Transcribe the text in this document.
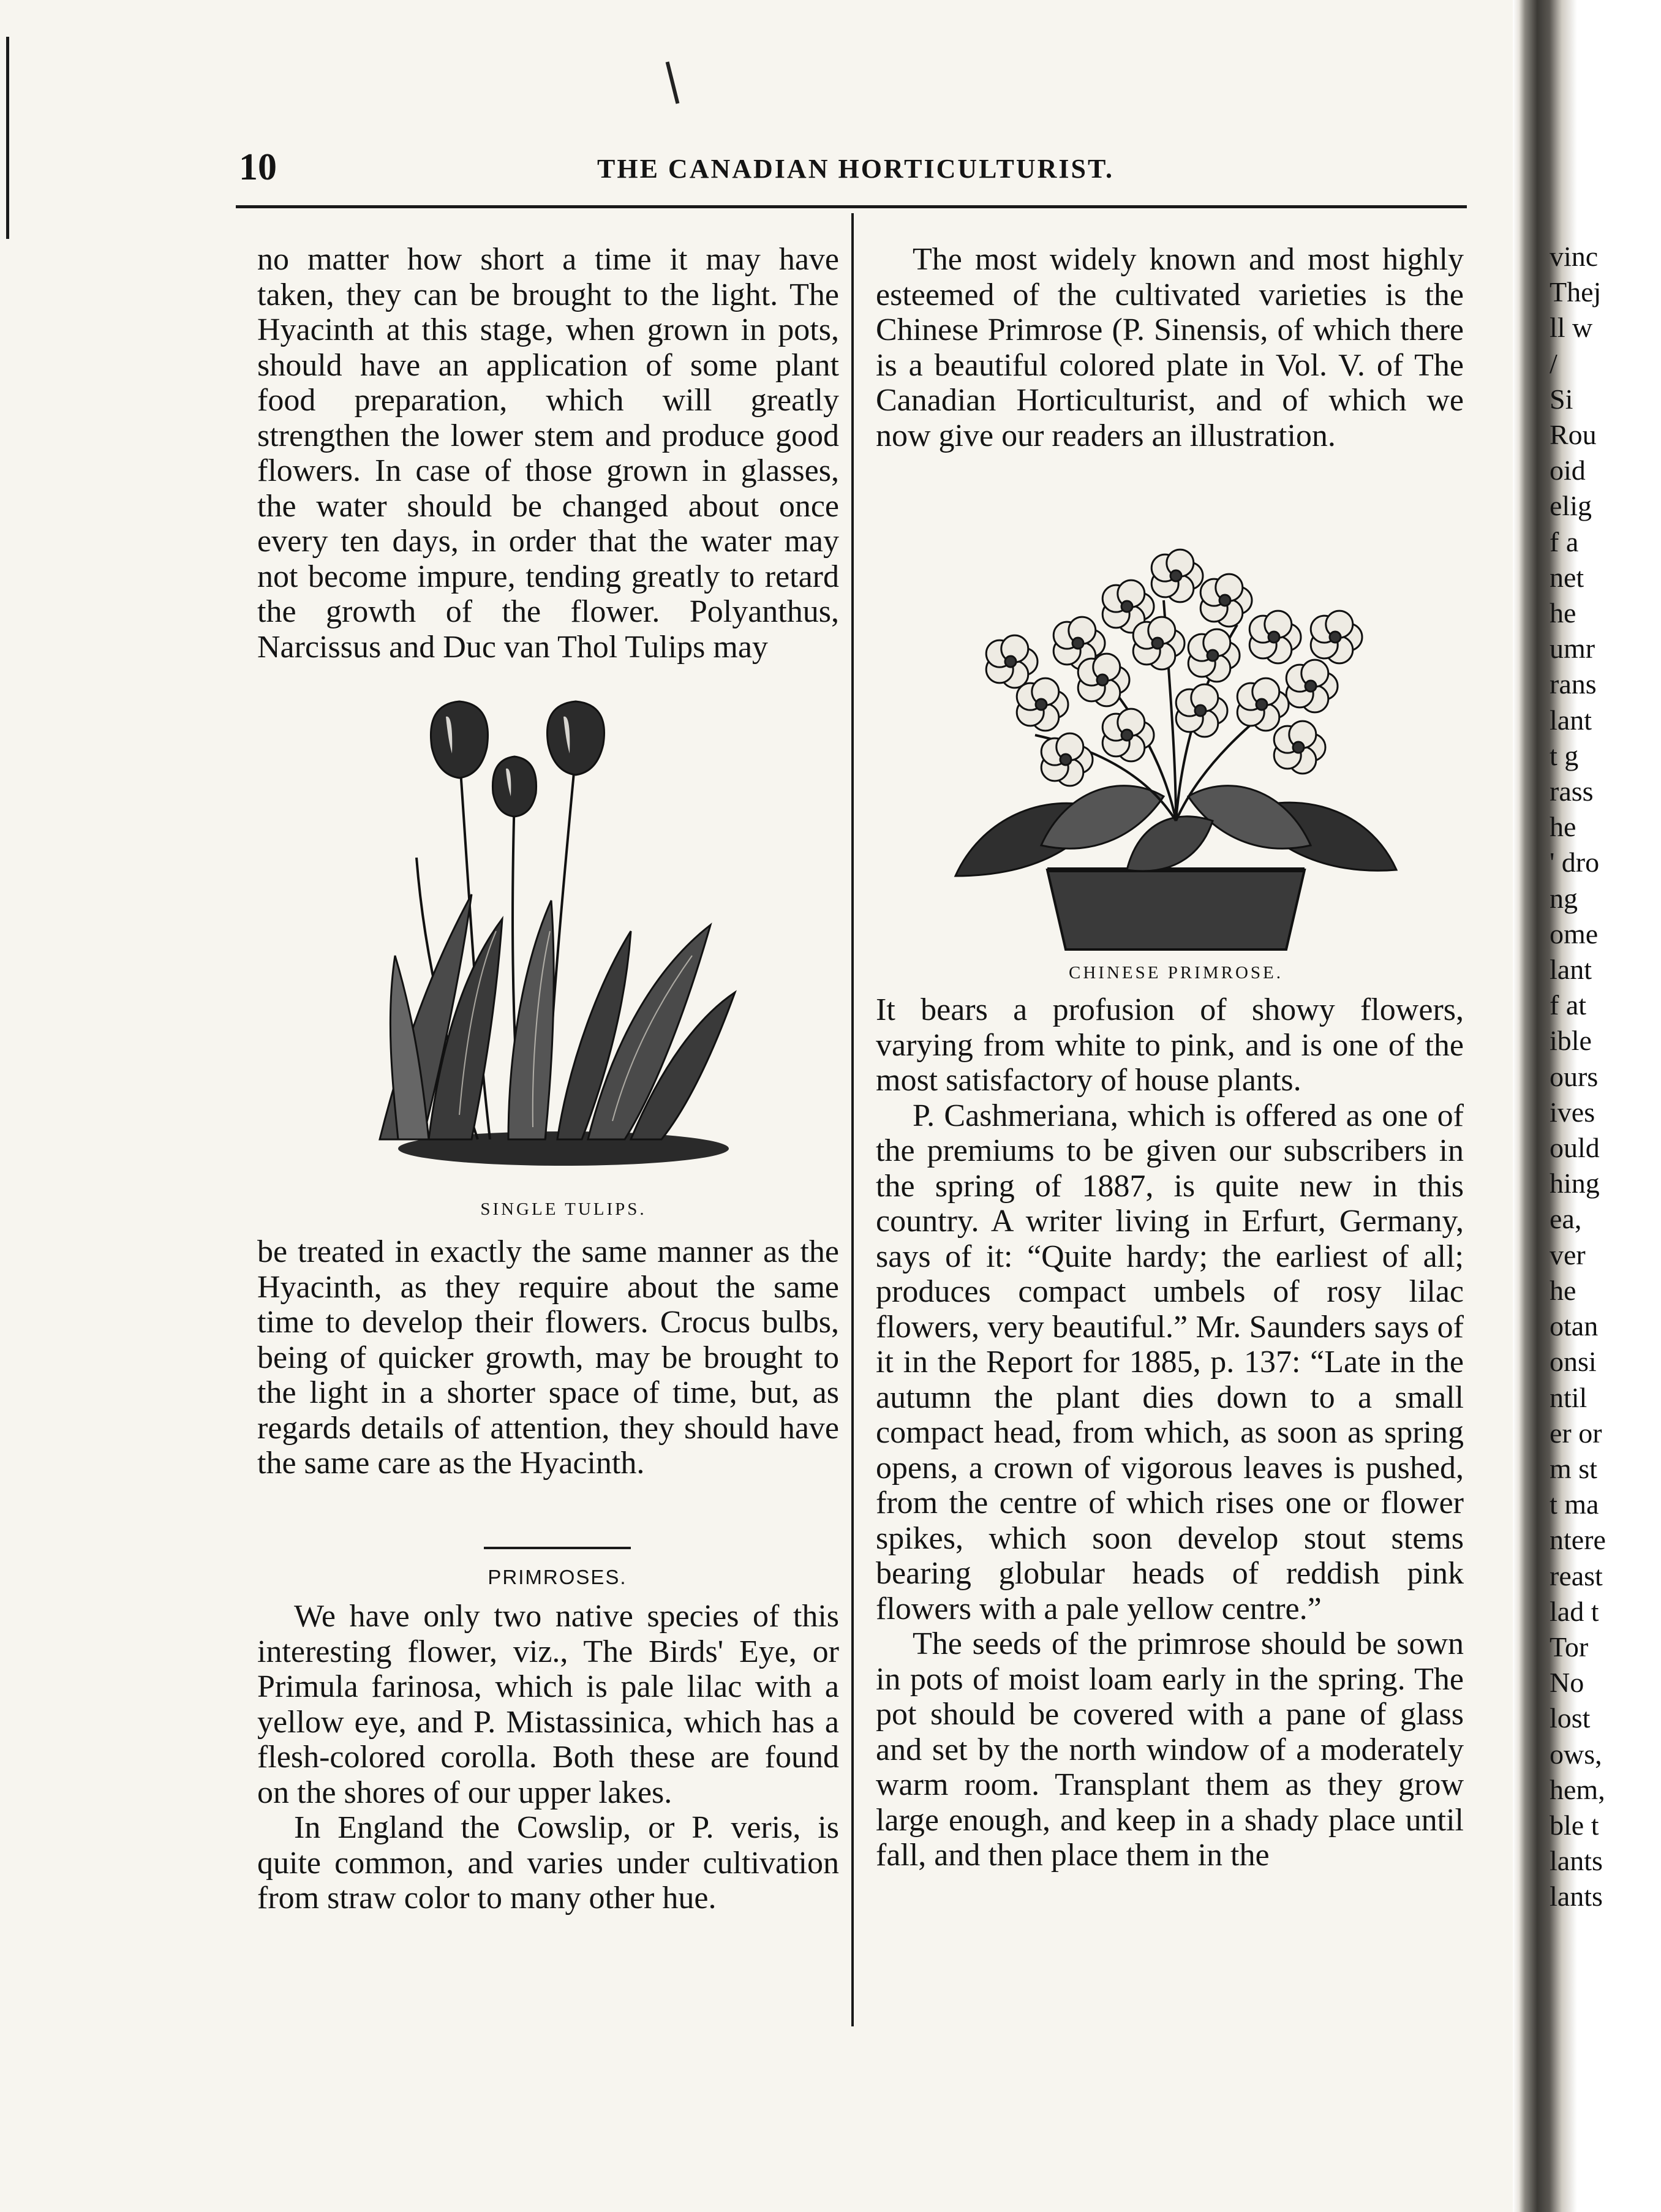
10	THE CANADIAN HORTICULTURIST.

no matter how short a time it may have taken, they can be brought to the light. The Hyacinth at this stage, when grown in pots, should have an application of some plant food preparation, which will greatly strengthen the lower stem and produce good flowers. In case of those grown in glasses, the water should be changed about once every ten days, in order that the water may not become impure, tending greatly to retard the growth of the flower. Polyanthus, Narcissus and Duc van Thol Tulips may

SINGLE TULIPS.

be treated in exactly the same manner as the Hyacinth, as they require about the same time to develop their flowers. Crocus bulbs, being of quicker growth, may be brought to the light in a shorter space of time, but, as regards details of attention, they should have the same care as the Hyacinth.

PRIMROSES.

We have only two native species of this interesting flower, viz., The Birds' Eye, or Primula farinosa, which is pale lilac with a yellow eye, and P. Mistassinica, which has a flesh-colored corolla. Both these are found on the shores of our upper lakes.

In England the Cowslip, or P. veris, is quite common, and varies under cultivation from straw color to many other hue.

The most widely known and most highly esteemed of the cultivated varieties is the Chinese Primrose (P. Sinensis, of which there is a beautiful colored plate in Vol. V. of The Canadian Horticulturist, and of which we now give our readers an illustration.

CHINESE PRIMROSE.

It bears a profusion of showy flowers, varying from white to pink, and is one of the most satisfactory of house plants.

P. Cashmeriana, which is offered as one of the premiums to be given our subscribers in the spring of 1887, is quite new in this country. A writer living in Erfurt, Germany, says of it: “Quite hardy; the earliest of all; produces compact umbels of rosy lilac flowers, very beautiful.” Mr. Saunders says of it in the Report for 1885, p. 137: “Late in the autumn the plant dies down to a small compact head, from which, as soon as spring opens, a crown of vigorous leaves is pushed, from the centre of which rises one or flower spikes, which soon develop stout stems bearing globular heads of reddish pink flowers with a pale yellow centre.”

The seeds of the primrose should be sown in pots of moist loam early in the spring. The pot should be covered with a pane of glass and set by the north window of a moderately warm room. Transplant them as they grow large enough, and keep in a shady place until fall, and then place them in the

vinc
Thej
ll w
/
Si
Rou
oid
elig
f a
net
he
umr
rans
lant
t g
rass
he
' dro
ng
ome
lant
f at
ible
ours
ives
ould
hing
ea,
ver
he
otan
onsi
ntil
er or
m st
t ma
ntere
reast
lad t
Tor
No
lost
ows,
hem,
ble t
lants
lants
